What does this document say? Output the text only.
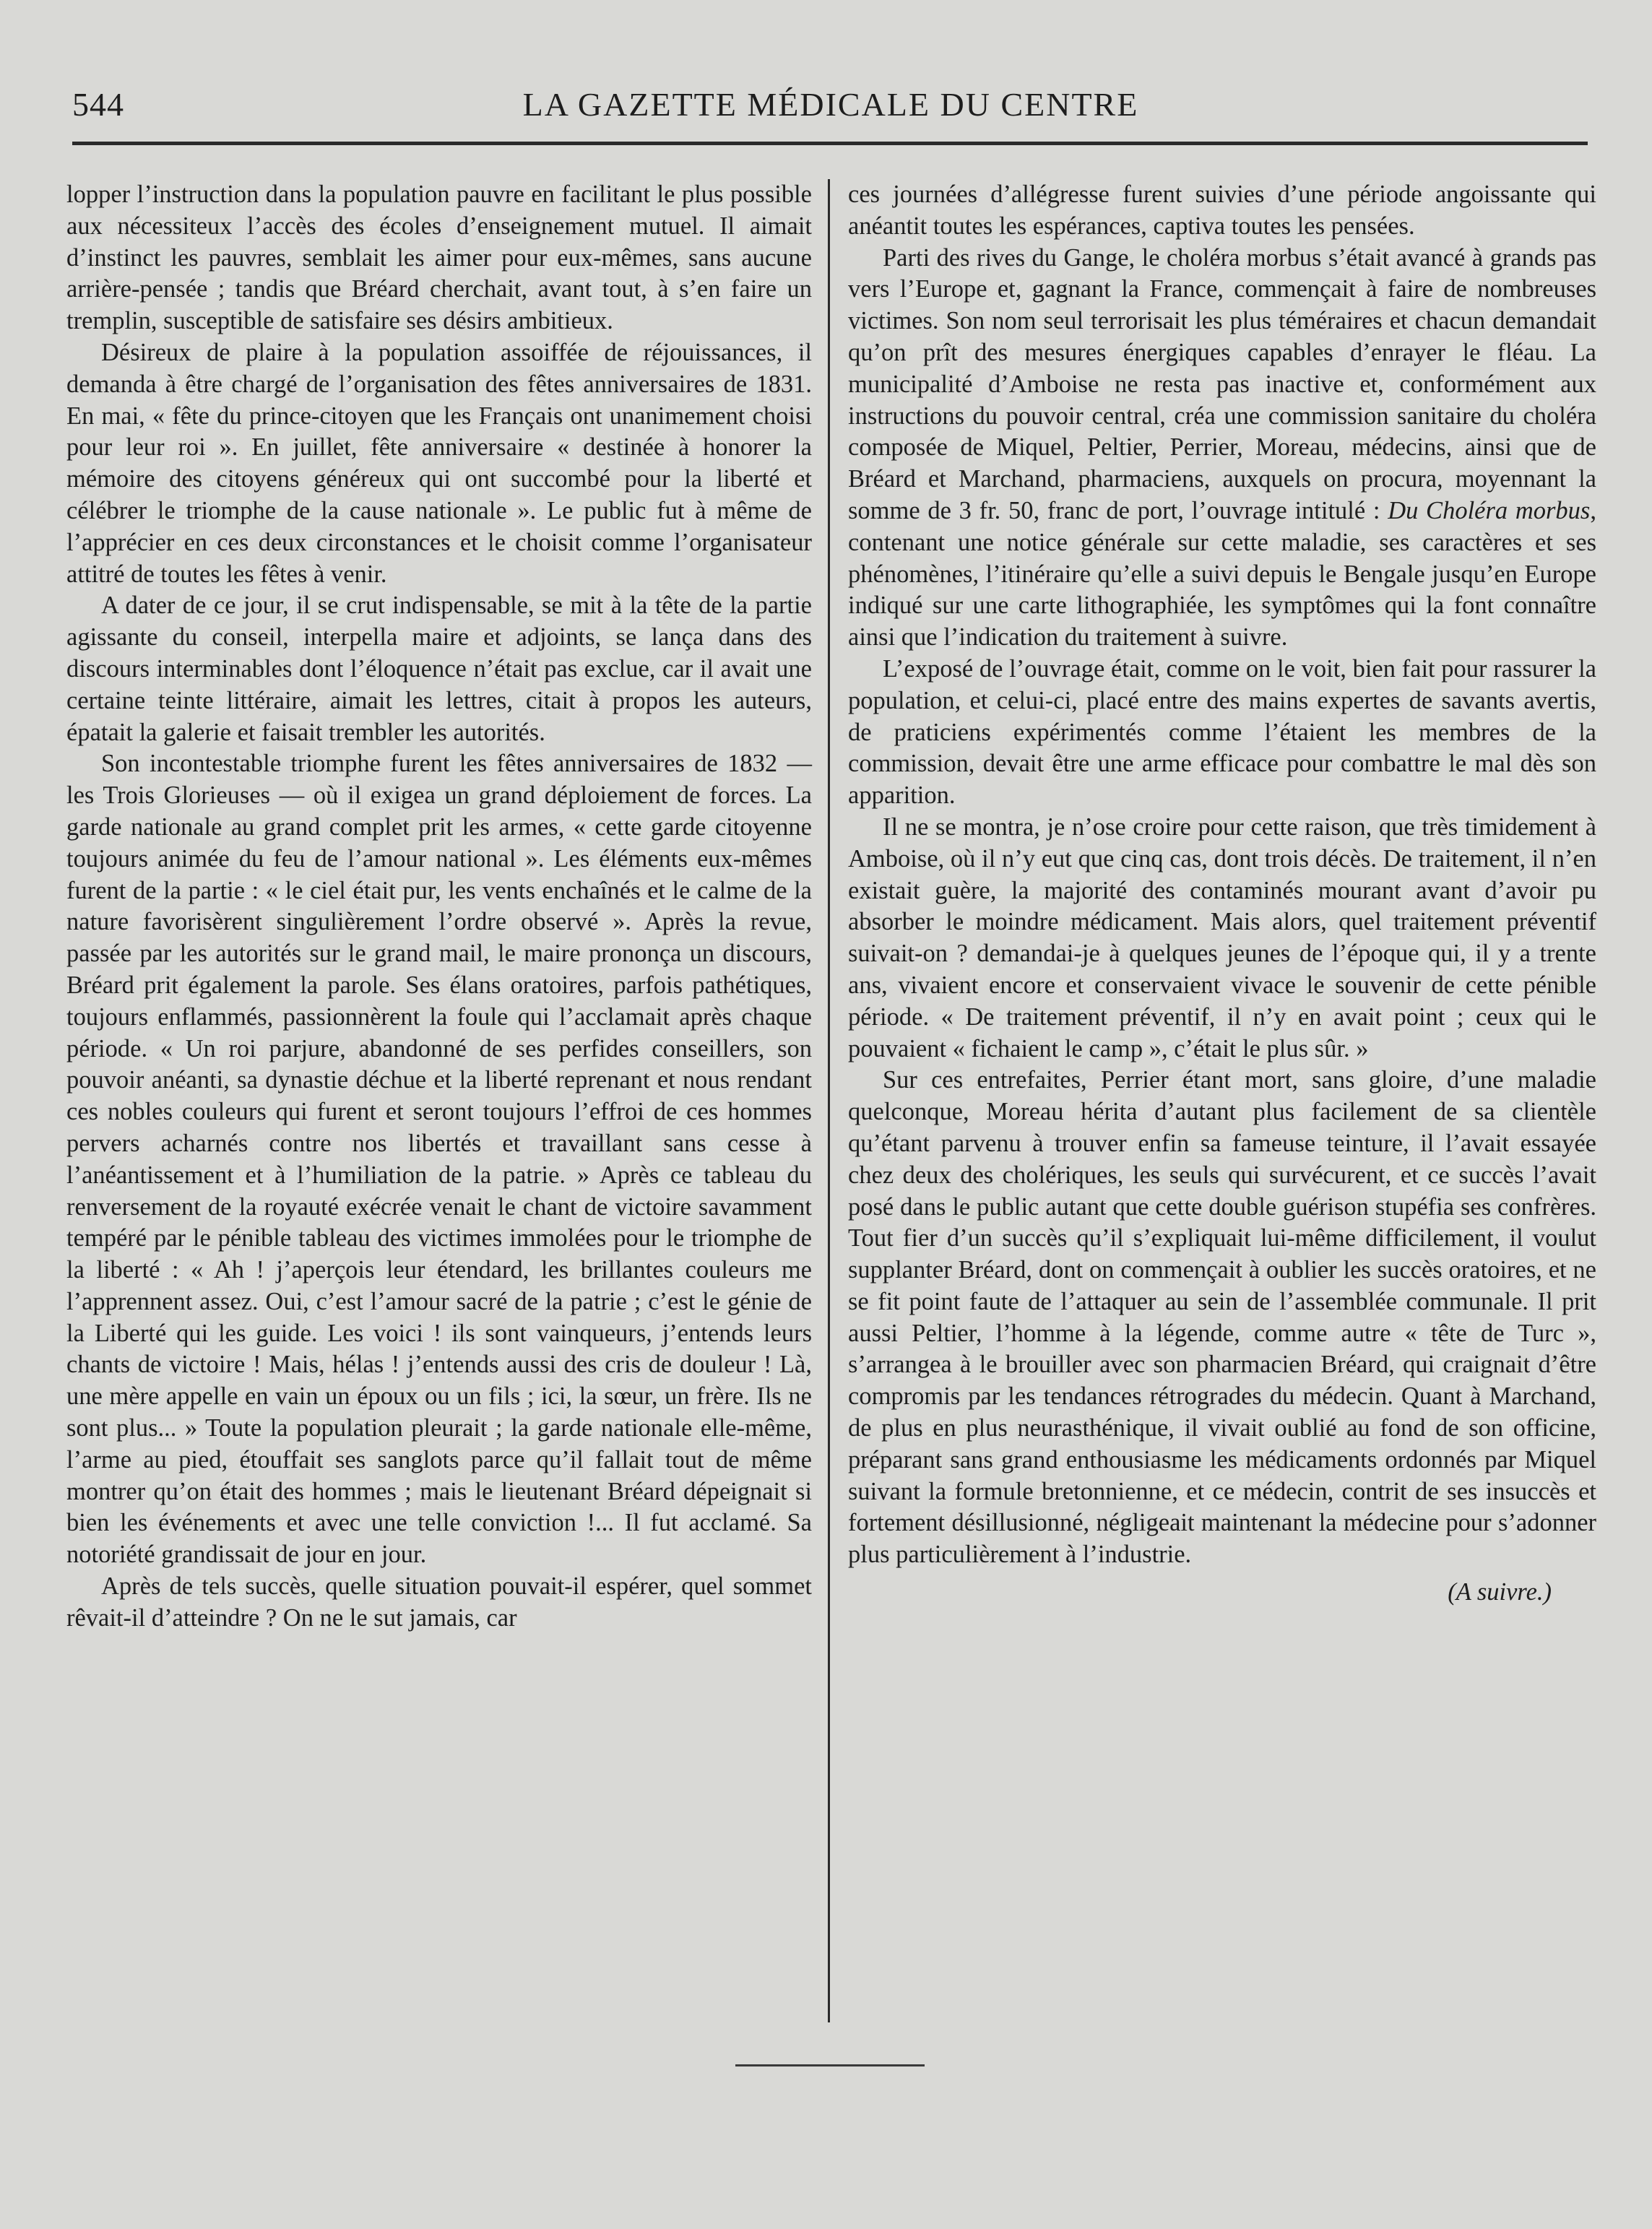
544	LA GAZETTE MÉDICALE DU CENTRE

lopper l’instruction dans la population pauvre en facilitant le plus possible aux nécessiteux l’accès des écoles d’enseignement mutuel. Il aimait d’instinct les pauvres, semblait les aimer pour eux-mêmes, sans aucune arrière-pensée ; tandis que Bréard cherchait, avant tout, à s’en faire un tremplin, susceptible de satisfaire ses désirs ambitieux.

Désireux de plaire à la population assoiffée de réjouissances, il demanda à être chargé de l’organisation des fêtes anniversaires de 1831. En mai, « fête du prince-citoyen que les Français ont unanimement choisi pour leur roi ». En juillet, fête anniversaire « destinée à honorer la mémoire des citoyens généreux qui ont succombé pour la liberté et célébrer le triomphe de la cause nationale ». Le public fut à même de l’apprécier en ces deux circonstances et le choisit comme l’organisateur attitré de toutes les fêtes à venir.

A dater de ce jour, il se crut indispensable, se mit à la tête de la partie agissante du conseil, interpella maire et adjoints, se lança dans des discours interminables dont l’éloquence n’était pas exclue, car il avait une certaine teinte littéraire, aimait les lettres, citait à propos les auteurs, épatait la galerie et faisait trembler les autorités.

Son incontestable triomphe furent les fêtes anniversaires de 1832 — les Trois Glorieuses — où il exigea un grand déploiement de forces. La garde nationale au grand complet prit les armes, « cette garde citoyenne toujours animée du feu de l’amour national ». Les éléments eux-mêmes furent de la partie : « le ciel était pur, les vents enchaînés et le calme de la nature favorisèrent singulièrement l’ordre observé ». Après la revue, passée par les autorités sur le grand mail, le maire prononça un discours, Bréard prit également la parole. Ses élans oratoires, parfois pathétiques, toujours enflammés, passionnèrent la foule qui l’acclamait après chaque période. « Un roi parjure, abandonné de ses perfides conseillers, son pouvoir anéanti, sa dynastie déchue et la liberté reprenant et nous rendant ces nobles couleurs qui furent et seront toujours l’effroi de ces hommes pervers acharnés contre nos libertés et travaillant sans cesse à l’anéantissement et à l’humiliation de la patrie. » Après ce tableau du renversement de la royauté exécrée venait le chant de victoire savamment tempéré par le pénible tableau des victimes immolées pour le triomphe de la liberté : « Ah ! j’aperçois leur étendard, les brillantes couleurs me l’apprennent assez. Oui, c’est l’amour sacré de la patrie ; c’est le génie de la Liberté qui les guide. Les voici ! ils sont vainqueurs, j’entends leurs chants de victoire ! Mais, hélas ! j’entends aussi des cris de douleur ! Là, une mère appelle en vain un époux ou un fils ; ici, la sœur, un frère. Ils ne sont plus... » Toute la population pleurait ; la garde nationale elle-même, l’arme au pied, étouffait ses sanglots parce qu’il fallait tout de même montrer qu’on était des hommes ; mais le lieutenant Bréard dépeignait si bien les événements et avec une telle conviction !... Il fut acclamé. Sa notoriété grandissait de jour en jour.

Après de tels succès, quelle situation pouvait-il espérer, quel sommet rêvait-il d’atteindre ? On ne le sut jamais, car

ces journées d’allégresse furent suivies d’une période angoissante qui anéantit toutes les espérances, captiva toutes les pensées.

Parti des rives du Gange, le choléra morbus s’était avancé à grands pas vers l’Europe et, gagnant la France, commençait à faire de nombreuses victimes. Son nom seul terrorisait les plus téméraires et chacun demandait qu’on prît des mesures énergiques capables d’enrayer le fléau. La municipalité d’Amboise ne resta pas inactive et, conformément aux instructions du pouvoir central, créa une commission sanitaire du choléra composée de Miquel, Peltier, Perrier, Moreau, médecins, ainsi que de Bréard et Marchand, pharmaciens, auxquels on procura, moyennant la somme de 3 fr. 50, franc de port, l’ouvrage intitulé : Du Choléra morbus, contenant une notice générale sur cette maladie, ses caractères et ses phénomènes, l’itinéraire qu’elle a suivi depuis le Bengale jusqu’en Europe indiqué sur une carte lithographiée, les symptômes qui la font connaître ainsi que l’indication du traitement à suivre.

L’exposé de l’ouvrage était, comme on le voit, bien fait pour rassurer la population, et celui-ci, placé entre des mains expertes de savants avertis, de praticiens expérimentés comme l’étaient les membres de la commission, devait être une arme efficace pour combattre le mal dès son apparition.

Il ne se montra, je n’ose croire pour cette raison, que très timidement à Amboise, où il n’y eut que cinq cas, dont trois décès. De traitement, il n’en existait guère, la majorité des contaminés mourant avant d’avoir pu absorber le moindre médicament. Mais alors, quel traitement préventif suivait-on ? demandai-je à quelques jeunes de l’époque qui, il y a trente ans, vivaient encore et conservaient vivace le souvenir de cette pénible période. « De traitement préventif, il n’y en avait point ; ceux qui le pouvaient « fichaient le camp », c’était le plus sûr. »

Sur ces entrefaites, Perrier étant mort, sans gloire, d’une maladie quelconque, Moreau hérita d’autant plus facilement de sa clientèle qu’étant parvenu à trouver enfin sa fameuse teinture, il l’avait essayée chez deux des cholériques, les seuls qui survécurent, et ce succès l’avait posé dans le public autant que cette double guérison stupéfia ses confrères. Tout fier d’un succès qu’il s’expliquait lui-même difficilement, il voulut supplanter Bréard, dont on commençait à oublier les succès oratoires, et ne se fit point faute de l’attaquer au sein de l’assemblée communale. Il prit aussi Peltier, l’homme à la légende, comme autre « tête de Turc », s’arrangea à le brouiller avec son pharmacien Bréard, qui craignait d’être compromis par les tendances rétrogrades du médecin. Quant à Marchand, de plus en plus neurasthénique, il vivait oublié au fond de son officine, préparant sans grand enthousiasme les médicaments ordonnés par Miquel suivant la formule bretonnienne, et ce médecin, contrit de ses insuccès et fortement désillusionné, négligeait maintenant la médecine pour s’adonner plus particulièrement à l’industrie.

(A suivre.)
